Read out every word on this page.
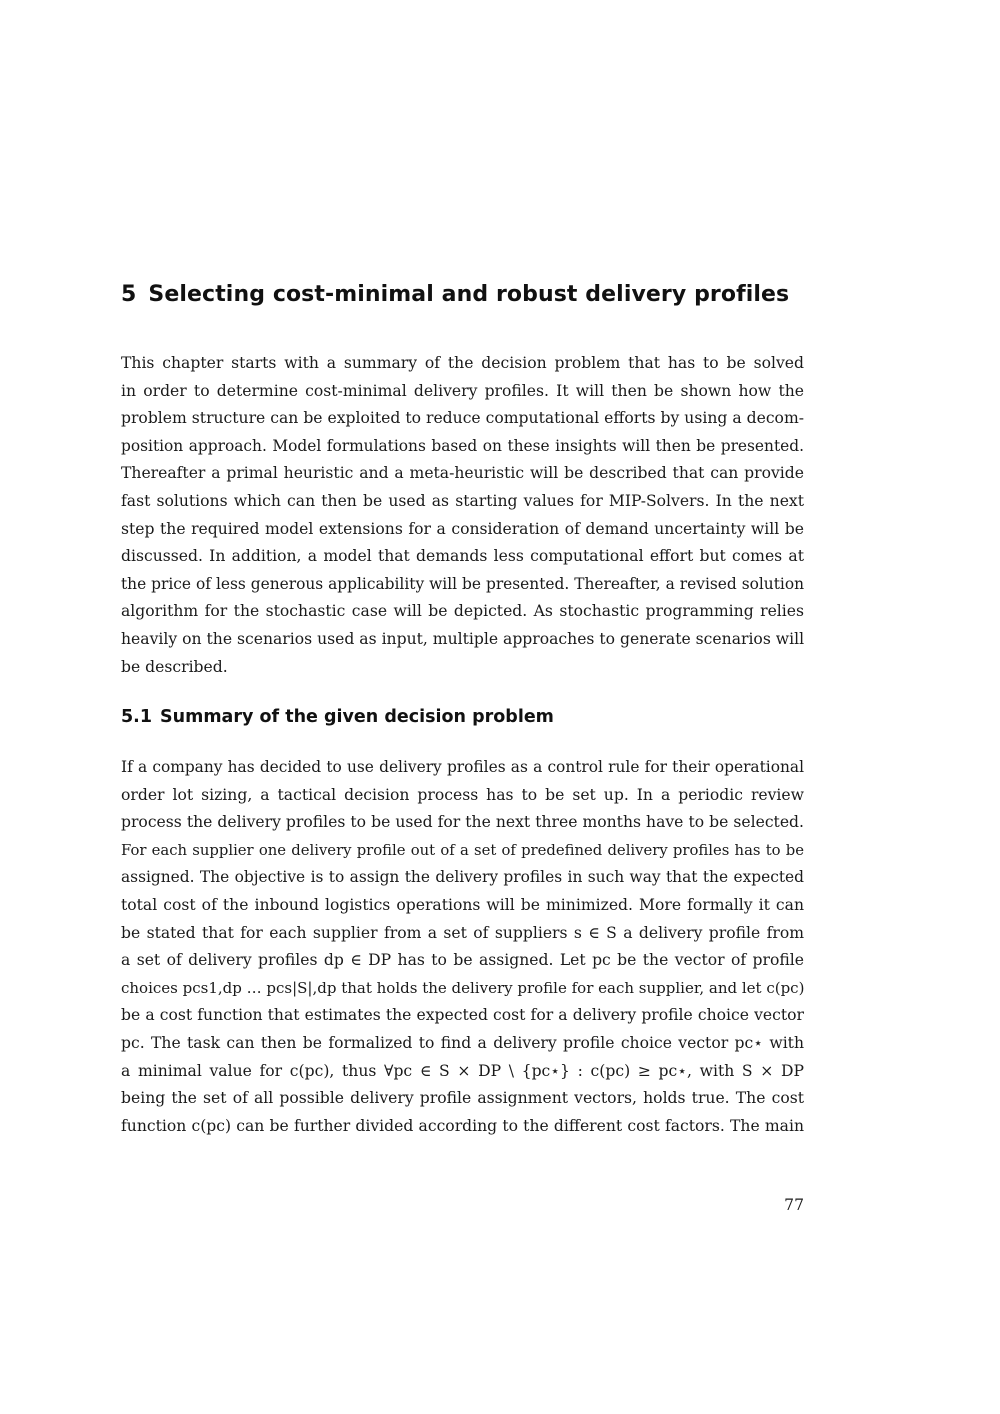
5 Selecting cost-minimal and robust delivery profiles
This chapter starts with a summary of the decision problem that has to be solved
in order to determine cost-minimal delivery profiles. It will then be shown how the
problem structure can be exploited to reduce computational efforts by using a decom-
position approach. Model formulations based on these insights will then be presented.
Thereafter a primal heuristic and a meta-heuristic will be described that can provide
fast solutions which can then be used as starting values for MIP-Solvers. In the next
step the required model extensions for a consideration of demand uncertainty will be
discussed. In addition, a model that demands less computational effort but comes at
the price of less generous applicability will be presented. Thereafter, a revised solution
algorithm for the stochastic case will be depicted. As stochastic programming relies
heavily on the scenarios used as input, multiple approaches to generate scenarios will
be described.
5.1 Summary of the given decision problem
If a company has decided to use delivery profiles as a control rule for their operational
order lot sizing, a tactical decision process has to be set up. In a periodic review
process the delivery profiles to be used for the next three months have to be selected.
For each supplier one delivery profile out of a set of predefined delivery profiles has to be
assigned. The objective is to assign the delivery profiles in such way that the expected
total cost of the inbound logistics operations will be minimized. More formally it can
be stated that for each supplier from a set of suppliers s ∈ S a delivery profile from
a set of delivery profiles dp ∈ DP has to be assigned. Let pc be the vector of profile
choices pcs1,dp … pcs|S|,dp that holds the delivery profile for each supplier, and let c(pc)
be a cost function that estimates the expected cost for a delivery profile choice vector
pc. The task can then be formalized to find a delivery profile choice vector pc⋆ with
a minimal value for c(pc), thus ∀pc ∈ S × DP \ {pc⋆} : c(pc) ≥ pc⋆, with S × DP
being the set of all possible delivery profile assignment vectors, holds true. The cost
function c(pc) can be further divided according to the different cost factors. The main
77
